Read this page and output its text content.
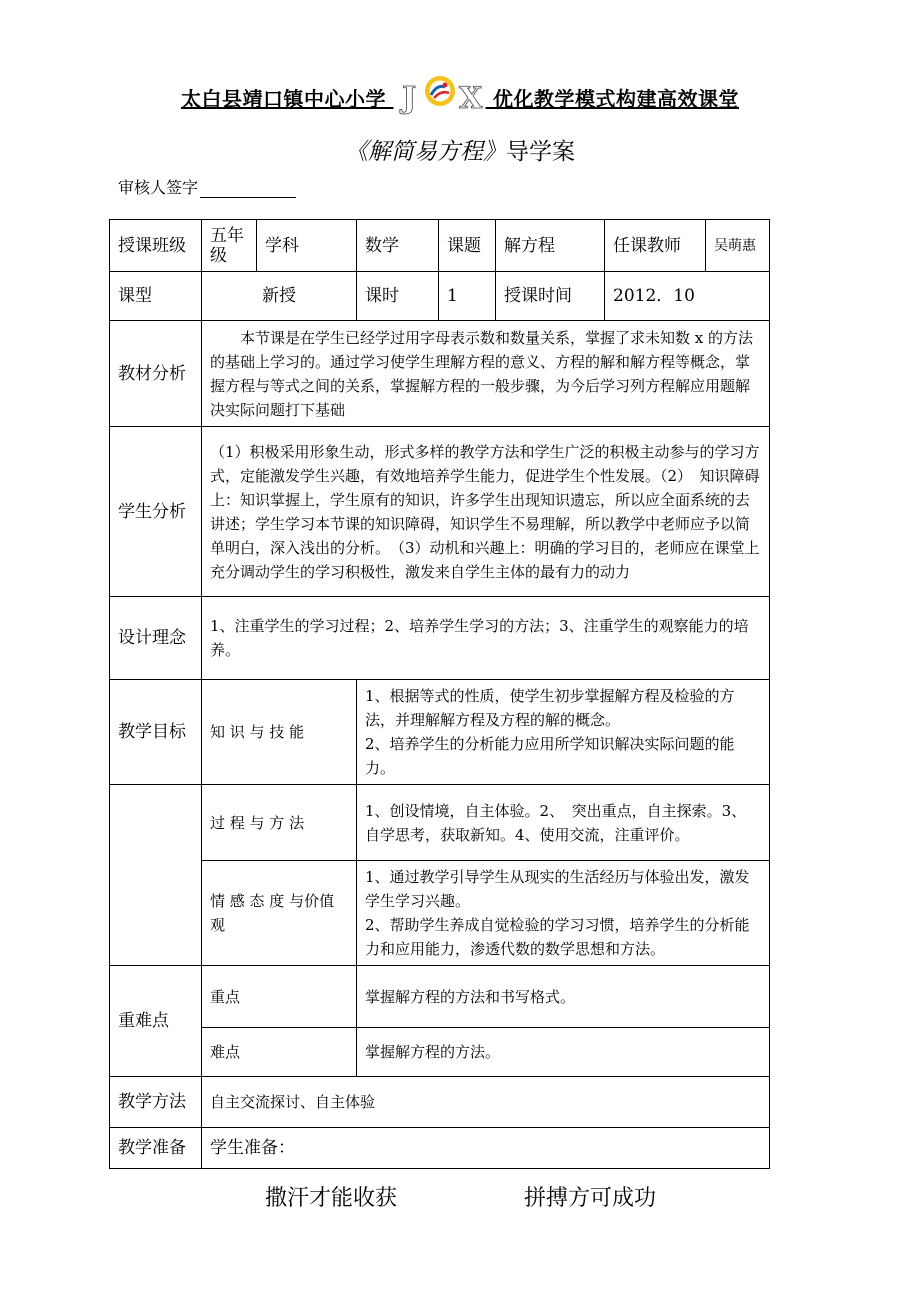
太白县靖口镇中心小学 J X 优化教学模式构建高效课堂
《解简易方程》导学案
审核人签字
授课班级	五年级	学科	数学	课题	解方程	任课教师	吴萌惠
课型	新授		课时	1	授课时间	2012．10	
教材分析	本节课是在学生已经学过用字母表示数和数量关系，掌握了求未知数 x 的方法的基础上学习的。通过学习使学生理解方程的意义、方程的解和解方程等概念，掌握方程与等式之间的关系，掌握解方程的一般步骤，为今后学习列方程解应用题解决实际问题打下基础						
学生分析	（1）积极采用形象生动，形式多样的教学方法和学生广泛的积极主动参与的学习方式，定能激发学生兴趣，有效地培养学生能力，促进学生个性发展。（2）　知识障碍上：知识掌握上，学生原有的知识，许多学生出现知识遗忘，所以应全面系统的去讲述；学生学习本节课的知识障碍，知识学生不易理解，所以教学中老师应予以简单明白，深入浅出的分析。　（3）动机和兴趣上：明确的学习目的，老师应在课堂上充分调动学生的学习积极性，激发来自学生主体的最有力的动力						
设计理念	1、注重学生的学习过程；2、培养学生学习的方法；3、注重学生的观察能力的培养。						
教学目标	知 识 与 技 能		1、根据等式的性质，使学生初步掌握解方程及检验的方 法，并理解解方程及方程的解的概念。
2、培养学生的分析能力应用所学知识解决实际问题的能力。				

	过 程 与 方 法		1、创设情境，自主体验。2、　突出重点，自主探索。3、自学思考，获取新知。4、使用交流，注重评价。				
	情 感 态 度 与价值观		1、通过教学引导学生从现实的生活经历与体验出发，激发学生学习兴趣。
2、帮助学生养成自觉检验的学习习惯，培养学生的分析能力和应用能力，渗透代数的数学思想和方法。				

重难点	重点		掌握解方程的方法和书写格式。				
	难点		掌握解方程的方法。				
教学方法	自主交流探讨、自主体验						
教学准备	学生准备：						
撒汗才能收获	拼搏方可成功
